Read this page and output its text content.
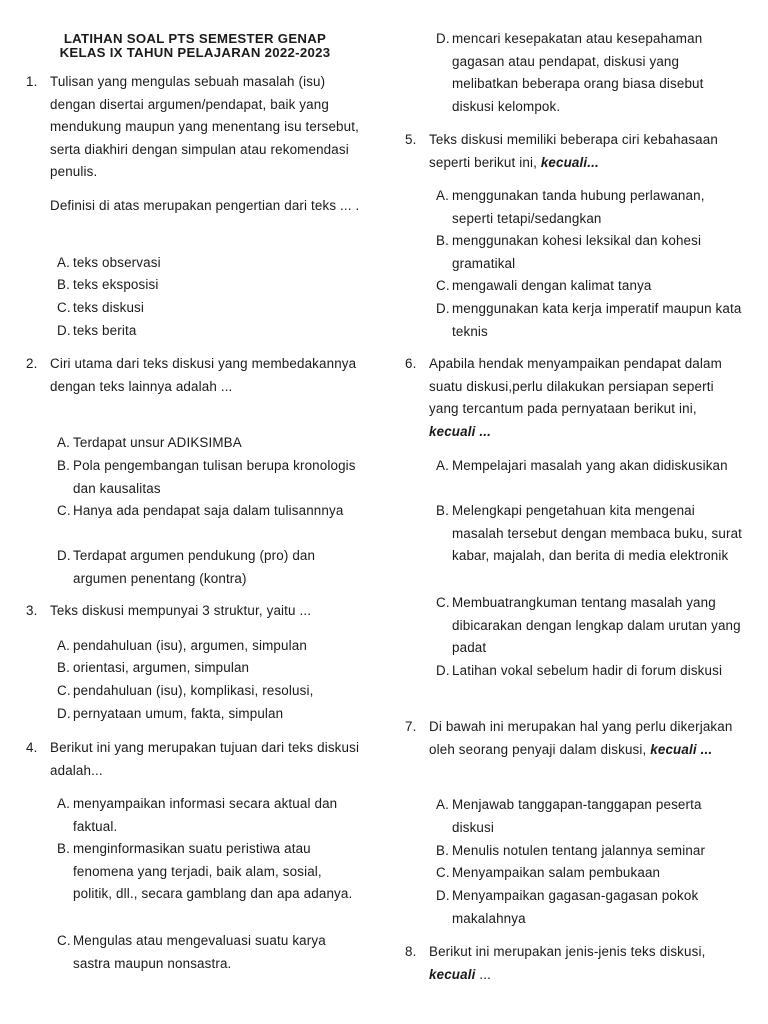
LATIHAN SOAL PTS SEMESTER GENAP
KELAS IX TAHUN PELAJARAN 2022-2023
1. Tulisan yang mengulas sebuah masalah (isu) dengan disertai argumen/pendapat, baik yang mendukung maupun yang menentang isu tersebut, serta diakhiri dengan simpulan atau rekomendasi penulis.
Definisi di atas merupakan pengertian dari teks ... .
A. teks observasi
B. teks eksposisi
C. teks diskusi
D. teks berita
2. Ciri utama dari teks diskusi yang membedakannya dengan teks lainnya adalah ...
A. Terdapat unsur ADIKSIMBA
B. Pola pengembangan tulisan berupa kronologis dan kausalitas
C. Hanya ada pendapat saja dalam tulisannnya
D. Terdapat argumen pendukung (pro) dan argumen penentang (kontra)
3. Teks diskusi mempunyai 3 struktur, yaitu ...
A. pendahuluan (isu), argumen, simpulan
B. orientasi, argumen, simpulan
C. pendahuluan (isu), komplikasi, resolusi,
D. pernyataan umum, fakta, simpulan
4. Berikut ini yang merupakan tujuan dari teks diskusi adalah...
A. menyampaikan informasi secara aktual dan faktual.
B. menginformasikan suatu peristiwa atau fenomena yang terjadi, baik alam, sosial, politik, dll., secara gamblang dan apa adanya.
C. Mengulas atau mengevaluasi suatu karya sastra maupun nonsastra.
D. mencari kesepakatan atau kesepahaman gagasan atau pendapat, diskusi yang melibatkan beberapa orang biasa disebut diskusi kelompok.
5. Teks diskusi memiliki beberapa ciri kebahasaan seperti berikut ini, kecuali...
A. menggunakan tanda hubung perlawanan, seperti tetapi/sedangkan
B. menggunakan kohesi leksikal dan kohesi gramatikal
C. mengawali dengan kalimat tanya
D. menggunakan kata kerja imperatif maupun kata teknis
6. Apabila hendak menyampaikan pendapat dalam suatu diskusi,perlu dilakukan persiapan seperti yang tercantum pada pernyataan berikut ini, kecuali ...
A. Mempelajari masalah yang akan didiskusikan
B. Melengkapi pengetahuan kita mengenai masalah tersebut dengan membaca buku, surat kabar, majalah, dan berita di media elektronik
C. Membuatrangkuman tentang masalah yang dibicarakan dengan lengkap dalam urutan yang padat
D. Latihan vokal sebelum hadir di forum diskusi
7. Di bawah ini merupakan hal yang perlu dikerjakan oleh seorang penyaji dalam diskusi, kecuali ...
A. Menjawab tanggapan-tanggapan peserta diskusi
B. Menulis notulen tentang jalannya seminar
C. Menyampaikan salam pembukaan
D. Menyampaikan gagasan-gagasan pokok makalahnya
8. Berikut ini merupakan jenis-jenis teks diskusi, kecuali ...
